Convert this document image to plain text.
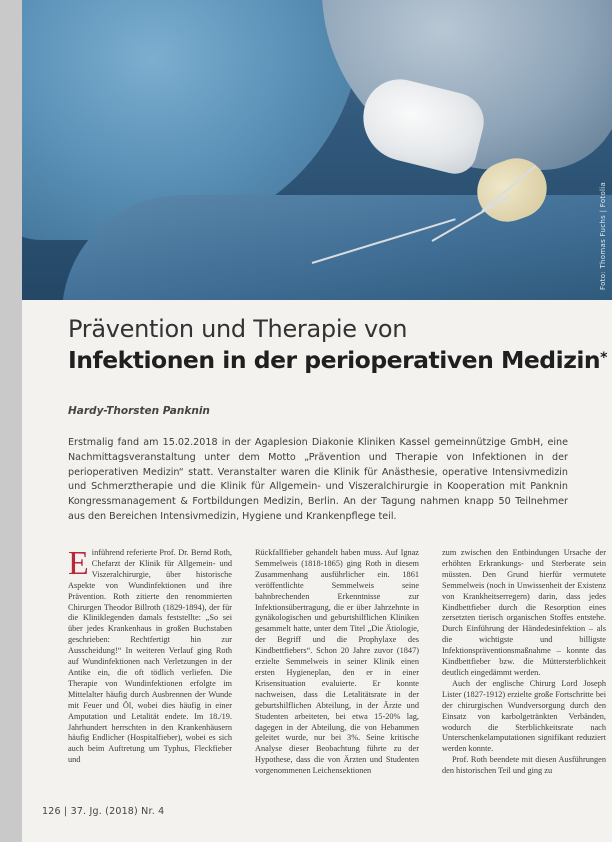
Foto: Thomas Fuchs | Fotolia
Prävention und Therapie von
Infektionen in der perioperativen Medizin*
Hardy-Thorsten Panknin
Erstmalig fand am 15.02.2018 in der Agaplesion Diakonie Kliniken Kassel gemeinnützige GmbH, eine Nachmittagsveranstaltung unter dem Motto „Prävention und Therapie von Infektionen in der perioperativen Medizin“ statt. Veranstalter waren die Klinik für Anästhesie, operative Intensivmedizin und Schmerztherapie und die Klinik für Allgemein- und Viszeralchirurgie in Kooperation mit Panknin Kongressmanagement & Fortbildungen Medizin, Berlin. An der Tagung nahmen knapp 50 Teilnehmer aus den Bereichen Intensivmedizin, Hygiene und Krankenpflege teil.
Einführend referierte Prof. Dr. Bernd Roth, Chefarzt der Klinik für Allgemein- und Viszeralchirurgie, über historische Aspekte von Wundinfektionen und ihre Prävention. Roth zitierte den renommierten Chirurgen Theodor Billroth (1829-1894), der für die Kliniklegenden damals feststellte: „So sei über jedes Krankenhaus in großen Buchstaben geschrieben: Rechtfertigt hin zur Ausscheidung!“ In weiteren Verlauf ging Roth auf Wundinfektionen nach Verletzungen in der Antike ein, die oft tödlich verliefen. Die Therapie von Wundinfektionen erfolgte im Mittelalter häufig durch Ausbrennen der Wunde mit Feuer und Öl, wobei dies häufig in einer Amputation und Letalität endete. Im 18./19. Jahrhundert herrschten in den Krankenhäusern häufig Endlicher (Hospitalfieber), wobei es sich auch beim Auftretung um Typhus, Fleckfieber und
Rückfallfieber gehandelt haben muss. Auf Ignaz Semmelweis (1818-1865) ging Roth in diesem Zusammenhang ausführlicher ein. 1861 veröffentlichte Semmelweis seine bahnbrechenden Erkenntnisse zur Infektionsübertragung, die er über Jahrzehnte in gynäkologischen und geburtshilflichen Kliniken gesammelt hatte, unter dem Titel „Die Ätiologie, der Begriff und die Prophylaxe des Kindbettfiebers“. Schon 20 Jahre zuvor (1847) erzielte Semmelweis in seiner Klinik einen ersten Hygieneplan, den er in einer Krisensituation evaluierte. Er konnte nachweisen, dass die Letalitätsrate in der geburtshilflichen Abteilung, in der Ärzte und Studenten arbeiteten, bei etwa 15-20% lag, dagegen in der Abteilung, die von Hebammen geleitet wurde, nur bei 3%. Seine kritische Analyse dieser Beobachtung führte zu der Hypothese, dass die von Ärzten und Studenten vorgenommenen Leichensektionen

zum zwischen den Entbindungen Ursache der erhöhten Erkrankungs- und Sterberate sein müssten. Den Grund hierfür vermutete Semmelweis (noch in Unwissenheit der Existenz von Krankheitserregern) darin, dass jedes Kindbettfieber durch die Resorption eines zersetzten tierisch organischen Stoffes entstehe. Durch Einführung der Händedesinfektion – als die wichtigste und billigste Infektionspräventionsmaßnahme – konnte das Kindbettfieber bzw. die Müttersterblichkeit deutlich eingedämmt werden.

Auch der englische Chirurg Lord Joseph Lister (1827-1912) erzielte große Fortschritte bei der chirurgischen Wundversorgung durch den Einsatz von karbolgetränkten Verbänden, wodurch die Sterblichkeitsrate nach Unterschenkelamputationen signifikant reduziert werden konnte.

Prof. Roth beendete mit diesen Ausführungen den historischen Teil und ging zu

126 | 37. Jg. (2018) Nr. 4
